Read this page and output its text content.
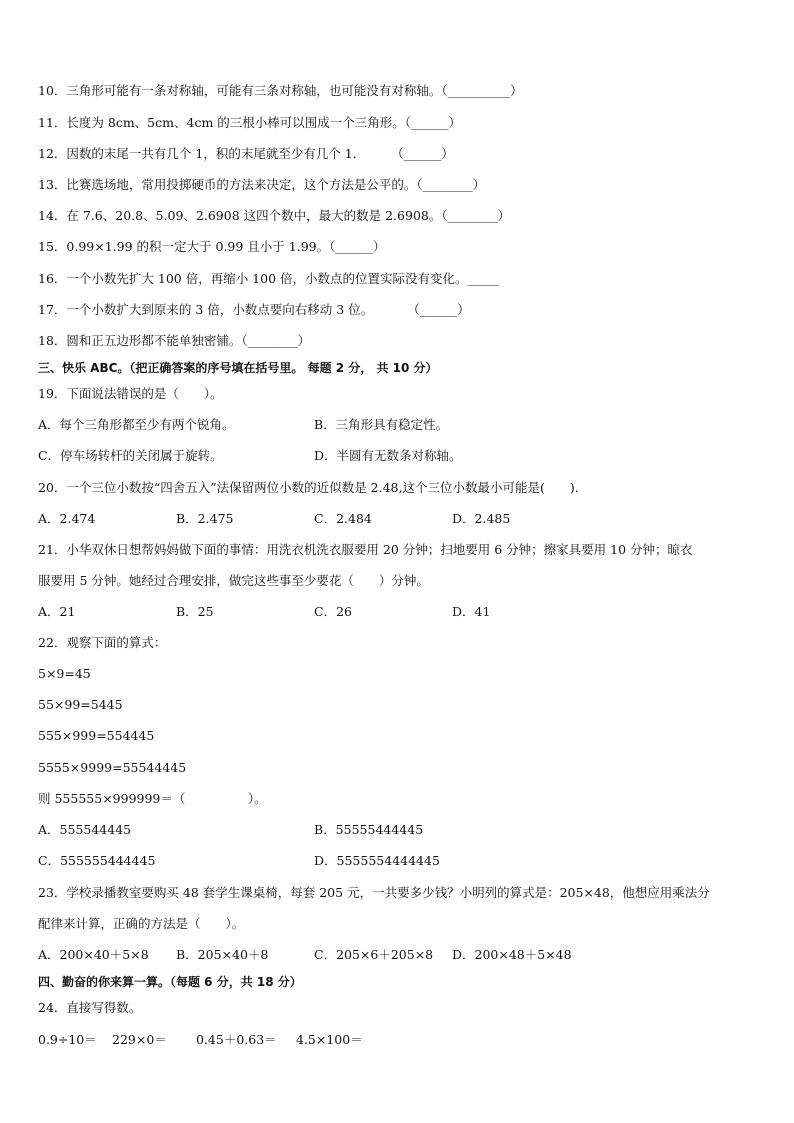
10．三角形可能有一条对称轴，可能有三条对称轴，也可能没有对称轴。（__________）
11．长度为 8cm、5cm、4cm 的三根小棒可以围成一个三角形。（______）
12．因数的末尾一共有几个 1，积的末尾就至少有几个 1． （______）
13．比赛选场地，常用投掷硬币的方法来决定，这个方法是公平的。（________）
14．在 7.6、20.8、5.09、2.6908 这四个数中，最大的数是 2.6908。（________）
15．0.99×1.99 的积一定大于 0.99 且小于 1.99。（______）
16．一个小数先扩大 100 倍，再缩小 100 倍，小数点的位置实际没有变化。_____
17．一个小数扩大到原来的 3 倍，小数点要向右移动 3 位。	（______）
18．圆和正五边形都不能单独密铺。（________）
三、快乐 ABC。（把正确答案的序号填在括号里。 每题 2 分， 共 10 分）
19．下面说法错误的是（　　）。
A．每个三角形都至少有两个锐角。	B．三角形具有稳定性。
C．停车场转杆的关闭属于旋转。	D．半圆有无数条对称轴。
20．一个三位小数按“四舍五入”法保留两位小数的近似数是 2.48,这个三位小数最小可能是(　　).
A．2.474	B．2.475	C．2.484	D．2.485
21．小华双休日想帮妈妈做下面的事情：用洗衣机洗衣服要用 20 分钟；扫地要用 6 分钟；擦家具要用 10 分钟；晾衣
服要用 5 分钟。她经过合理安排，做完这些事至少要花（　　）分钟。
A．21	B．25	C．26	D．41
22．观察下面的算式：
5×9=45
55×99=5445
555×999=554445
5555×9999=55544445
则 555555×999999＝（　　　　　）。
A．555544445	B．55555444445
C．555555444445	D．5555554444445
23．学校录播教室要购买 48 套学生课桌椅，每套 205 元，一共要多少钱？小明列的算式是：205×48，他想应用乘法分
配律来计算，正确的方法是（　　）。
A．200×40＋5×8 B．205×40＋8	C．205×6＋205×8 D．200×48＋5×48
四、勤奋的你来算一算。（每题 6 分，共 18 分）
24．直接写得数。
0.9÷10＝ 229×0＝ 0.45＋0.63＝ 4.5×100＝
